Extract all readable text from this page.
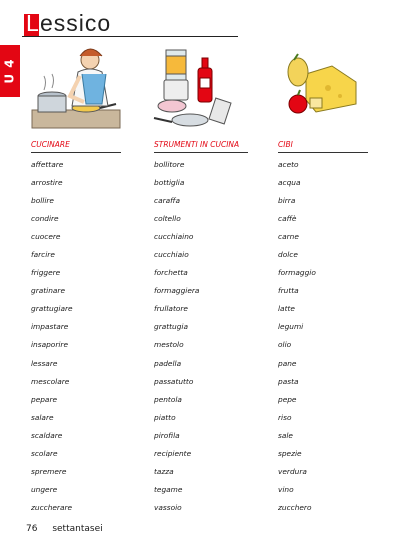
L essico
U 4
CUCINARE
affettare
arrostire
bollire
condire
cuocere
farcire
friggere
gratinare
grattugiare
impastare
insaporire
lessare
mescolare
pepare
salare
scaldare
scolare
spremere
ungere
zuccherare
STRUMENTI IN CUCINA
bollitore
bottiglia
caraffa
coltello
cucchiaino
cucchiaio
forchetta
formaggiera
frullatore
grattugia
mestolo
padella
passatutto
pentola
piatto
pirofila
recipiente
tazza
tegame
vassoio
CIBI
aceto
acqua
birra
caffè
carne
dolce
formaggio
frutta
latte
legumi
olio
pane
pasta
pepe
riso
sale
spezie
verdura
vino
zucchero
76 settantasei
